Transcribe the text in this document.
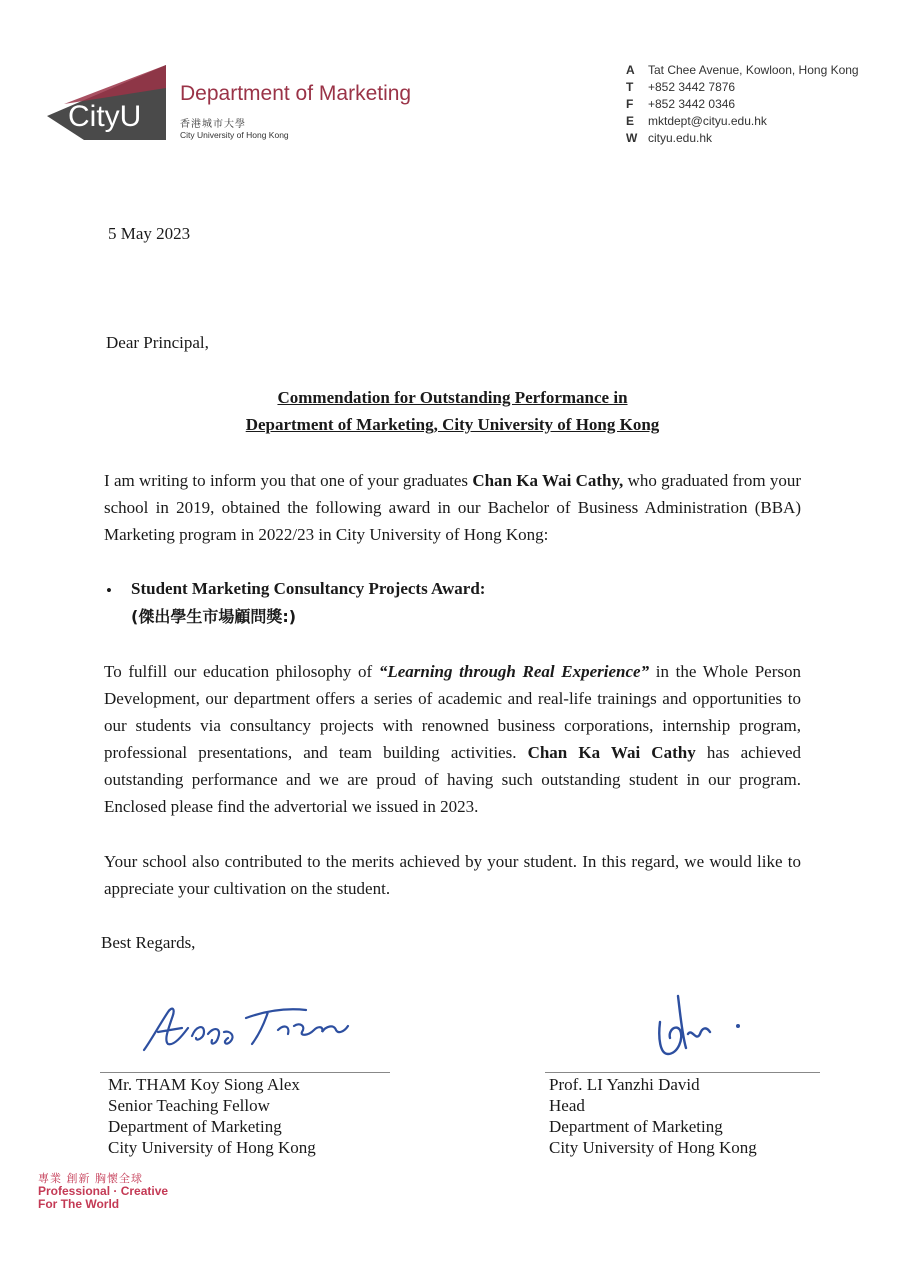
CityU
Department of Marketing
香港城市大學
City University of Hong Kong
A	Tat Chee Avenue, Kowloon, Hong Kong
T	+852 3442 7876
F	+852 3442 0346
E	mktdept@cityu.edu.hk
W cityu.edu.hk
5 May 2023
Dear Principal,
Commendation for Outstanding Performance in
Department of Marketing, City University of Hong Kong
I am writing to inform you that one of your graduates Chan Ka Wai Cathy, who graduated from your school in 2019, obtained the following award in our Bachelor of Business Administration (BBA) Marketing program in 2022/23 in City University of Hong Kong:
• Student Marketing Consultancy Projects Award:
(傑出學生市場顧問獎:)
To fulfill our education philosophy of “Learning through Real Experience” in the Whole Person Development, our department offers a series of academic and real-life trainings and opportunities to our students via consultancy projects with renowned business corporations, internship program, professional presentations, and team building activities. Chan Ka Wai Cathy has achieved outstanding performance and we are proud of having such outstanding student in our program. Enclosed please find the advertorial we issued in 2023.
Your school also contributed to the merits achieved by your student. In this regard, we would like to appreciate your cultivation on the student.
Best Regards,
Mr. THAM Koy Siong Alex
Senior Teaching Fellow
Department of Marketing
City University of Hong Kong
Prof. LI Yanzhi David
Head
Department of Marketing
City University of Hong Kong
專業 創新 胸懷全球
Professional · Creative
For The World
